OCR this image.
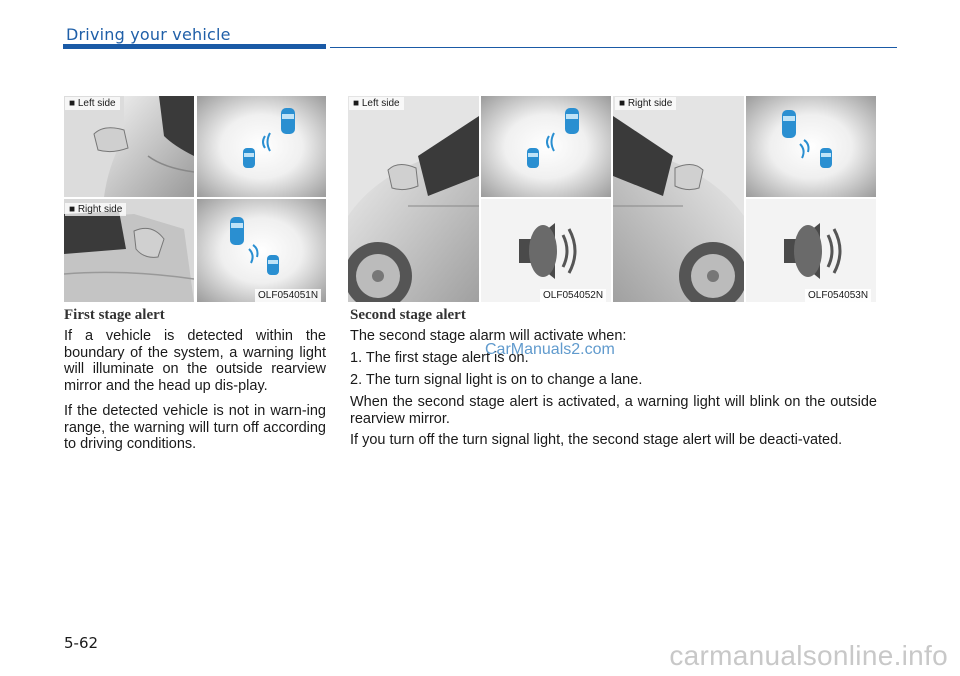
Driving your vehicle
■ Left side
■ Right side
OLF054051N
■ Left side
OLF054052N
■ Right side
OLF054053N
First stage alert
If a vehicle is detected within the boundary of the system, a warning light will illuminate on the outside rearview mirror and the head up dis-play.
If the detected vehicle is not in warn-ing range, the warning will turn off according to driving conditions.
Second stage alert
The second stage alarm will activate when:
1. The first stage alert is on.
2. The turn signal light is on to change a lane.
When the second stage alert is activated, a warning light will blink on the outside rearview mirror.
If you turn off the turn signal light, the second stage alert will be deacti-vated.
CarManuals2.com
5-62	carmanualsonline.info
